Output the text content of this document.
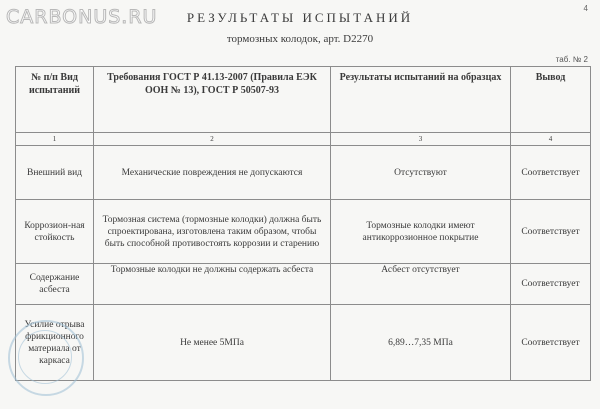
CARBONUS.RU	4
РЕЗУЛЬТАТЫ ИСПЫТАНИЙ
тормозных колодок, арт. D2270
таб. № 2
№ п/п Вид испытаний	Требования ГОСТ Р 41.13-2007 (Правила ЕЭК ООН № 13), ГОСТ Р 50507-93	Результаты испытаний на образцах	Вывод
1	2	3	4
Внешний вид	Механические повреждения не допускаются	Отсутствуют	Соответствует
Коррозион-ная стойкость	Тормозная система (тормозные колодки) должна быть спроектирована, изготовлена таким образом, чтобы быть способной противостоять коррозии и старению	Тормозные колодки имеют антикоррозионное покрытие	Соответствует
Содержание асбеста	Тормозные колодки не должны содержать асбеста	Асбест отсутствует	Соответствует
Усилие отрыва фрикционного материала от каркаса	Не менее 5МПа	6,89…7,35 МПа	Соответствует
